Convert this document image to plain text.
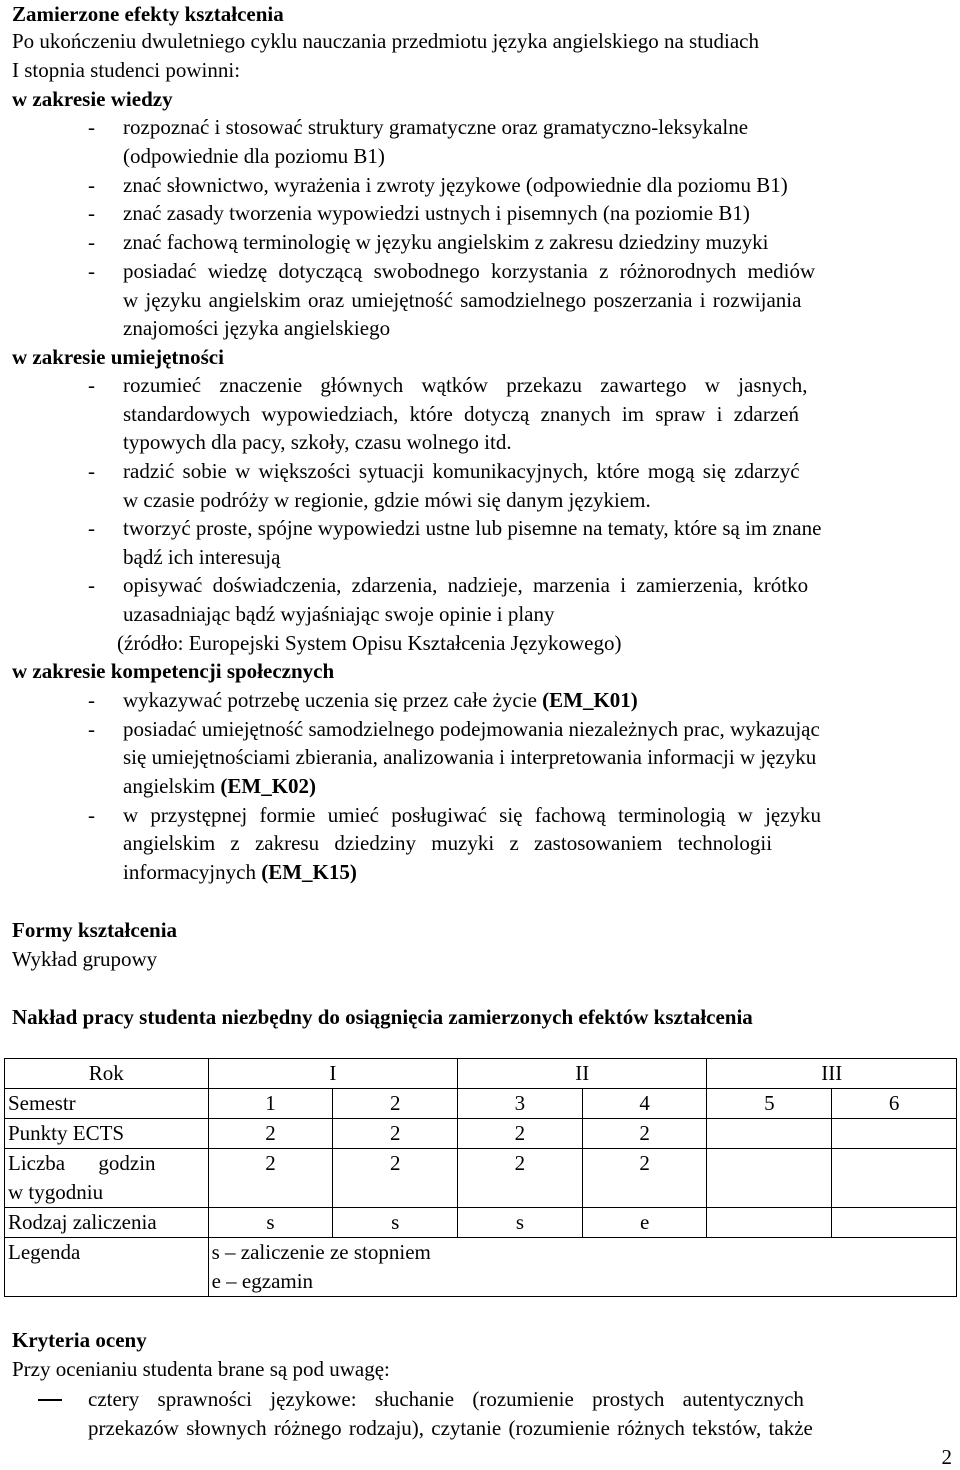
Zamierzone efekty kształcenia
Po ukończeniu dwuletniego cyklu nauczania przedmiotu języka angielskiego na studiach
I stopnia studenci powinni:
w zakresie wiedzy
-	rozpoznać i stosować struktury gramatyczne oraz gramatyczno-leksykalne
(odpowiednie dla poziomu B1)
-	znać słownictwo, wyrażenia i zwroty językowe (odpowiednie dla poziomu B1)
-	znać zasady tworzenia wypowiedzi ustnych i pisemnych (na poziomie B1)
-	znać fachową terminologię w języku angielskim z zakresu dziedziny muzyki
-	posiadać wiedzę dotyczącą swobodnego korzystania z różnorodnych mediów
w języku angielskim oraz umiejętność samodzielnego poszerzania i rozwijania
znajomości języka angielskiego
w zakresie umiejętności
-	rozumieć znaczenie głównych wątków przekazu zawartego w jasnych,
standardowych wypowiedziach, które dotyczą znanych im spraw i zdarzeń
typowych dla pacy, szkoły, czasu wolnego itd.
-	radzić sobie w większości sytuacji komunikacyjnych, które mogą się zdarzyć
w czasie podróży w regionie, gdzie mówi się danym językiem.
-	tworzyć proste, spójne wypowiedzi ustne lub pisemne na tematy, które są im znane
bądź ich interesują
-	opisywać doświadczenia, zdarzenia, nadzieje, marzenia i zamierzenia, krótko
uzasadniając bądź wyjaśniając swoje opinie i plany
(źródło: Europejski System Opisu Kształcenia Językowego)
w zakresie kompetencji społecznych
-	wykazywać potrzebę uczenia się przez całe życie (EM_K01)
-	posiadać umiejętność samodzielnego podejmowania niezależnych prac, wykazując
się umiejętnościami zbierania, analizowania i interpretowania informacji w języku
angielskim (EM_K02)
-	w przystępnej formie umieć posługiwać się fachową terminologią w języku
angielskim z zakresu dziedziny muzyki z zastosowaniem technologii
informacyjnych (EM_K15)
Formy kształcenia
Wykład grupowy
Nakład pracy studenta niezbędny do osiągnięcia zamierzonych efektów kształcenia
Rok	I		II		III	
Semestr	1	2	3	4	5	6
Punkty ECTS	2	2	2	2		

Liczba godzin
w tygodniu	2	2	2	2		
Rodzaj zaliczenia	s	s	s	e		
Legenda	s – zaliczenie ze stopniem
e – egzamin					
Kryteria oceny
Przy ocenianiu studenta brane są pod uwagę:
cztery sprawności językowe: słuchanie (rozumienie prostych autentycznych
przekazów słownych różnego rodzaju), czytanie (rozumienie różnych tekstów, także
2
